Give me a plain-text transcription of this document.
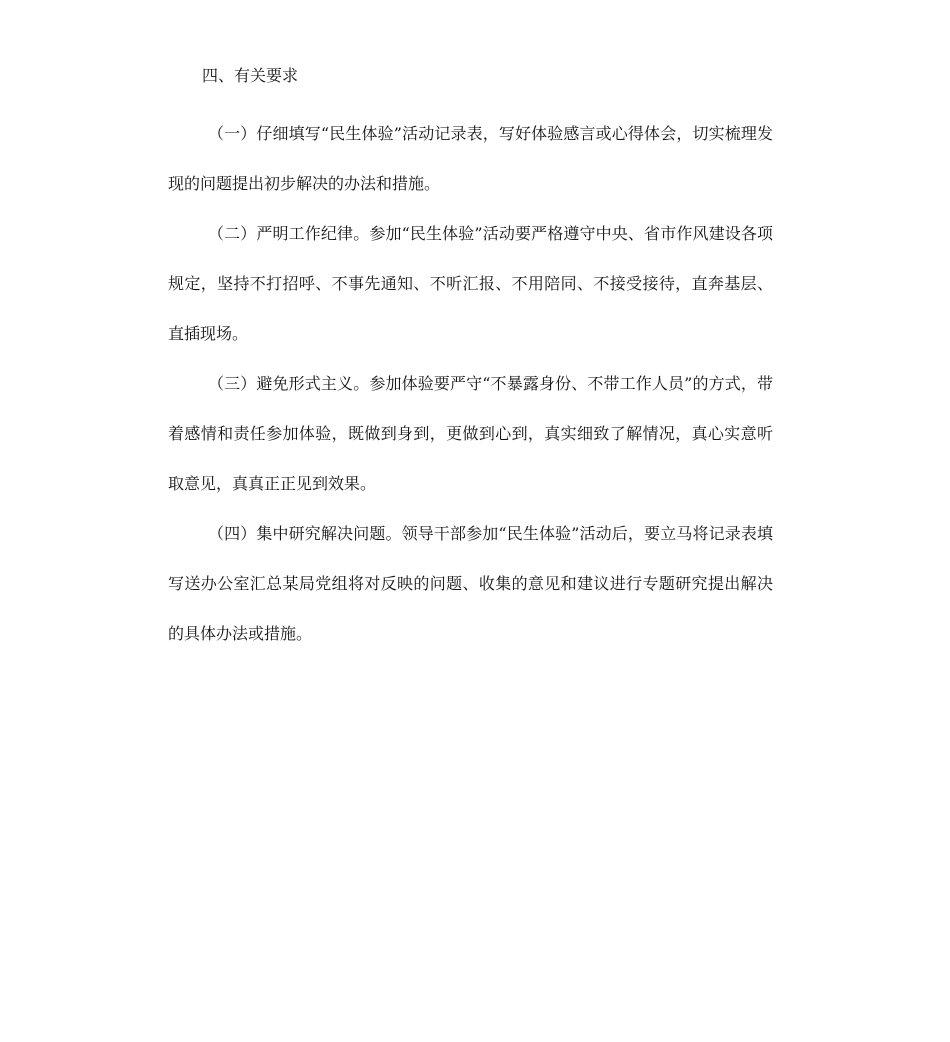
四、有关要求

（一）仔细填写“民生体验”活动记录表，写好体验感言或心得体会，切实梳理发现的问题提出初步解决的办法和措施。

（二）严明工作纪律。参加“民生体验”活动要严格遵守中央、省市作风建设各项规定，坚持不打招呼、不事先通知、不听汇报、不用陪同、不接受接待，直奔基层、直插现场。

（三）避免形式主义。参加体验要严守“不暴露身份、不带工作人员”的方式，带着感情和责任参加体验，既做到身到，更做到心到，真实细致了解情况，真心实意听取意见，真真正正见到效果。

（四）集中研究解决问题。领导干部参加“民生体验”活动后，要立马将记录表填写送办公室汇总某局党组将对反映的问题、收集的意见和建议进行专题研究提出解决的具体办法或措施。
